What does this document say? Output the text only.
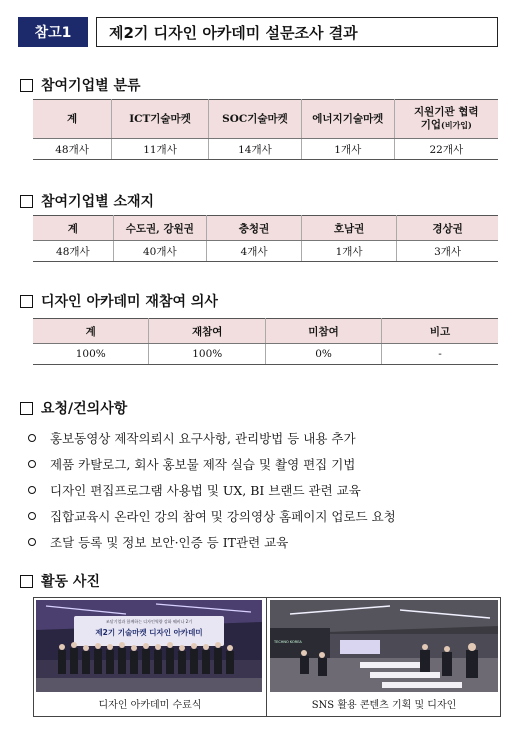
참고1	제2기 디자인 아카데미 설문조사 결과
참여기업별 분류
계	ICT기술마켓	SOC기술마켓	에너지기술마켓	지원기관 협력
기업(비가입)
48개사	11개사	14개사	1개사	22개사
참여기업별 소재지
계	수도권, 강원권	충청권	호남권	경상권
48개사	40개사	4개사	1개사	3개사
디자인 아카데미 재참여 의사
계	재참여	미참여	비고
100%	100%	0%	-
요청/건의사항
홍보동영상 제작의뢰시 요구사항, 관리방법 등 내용 추가
제품 카탈로그, 회사 홍보물 제작 실습 및 촬영 편집 기법
디자인 편집프로그램 사용법 및 UX, BI 브랜드 관련 교육
집합교육시 온라인 강의 참여 및 강의영상 홈페이지 업로드 요청
조달 등록 및 정보 보안·인증 등 IT관련 교육
활동 사진
조달기업과 함께하는 디자인역량 강화 웨비나 2기
제2기 기술마켓 디자인 아카데미
TECHNO KOREA
디자인 아카데미 수료식	SNS 활용 콘텐츠 기획 및 디자인
